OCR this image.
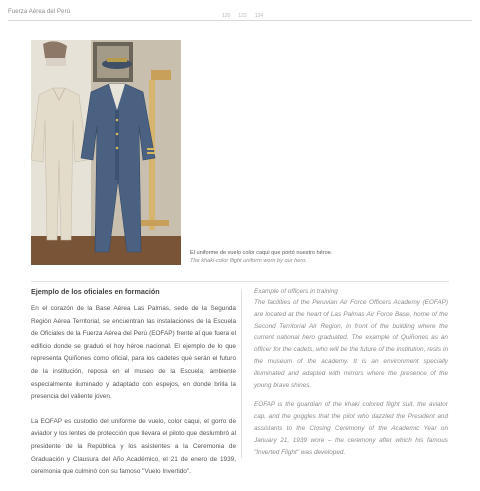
Fuerza Aérea del Perú
120 122 124
El uniforme de vuelo color caqui que portó nuestro héroe.
The khaki-color flight uniform worn by our hero.
Ejemplo de los oficiales en formación

En el corazón de la Base Aérea Las Palmas, sede de la Segunda Región Aérea Territorial, se encuentran las instalaciones de la Escuela de Oficiales de la Fuerza Aérea del Perú (EOFAP) frente al que fuera el edificio donde se graduó el hoy héroe nacional. El ejemplo de lo que representa Quiñones como oficial, para los cadetes que serán el futuro de la institución, reposa en el museo de la Escuela; ambiente especialmente iluminado y adaptado con espejos, en donde brilla la presencia del valiente joven.

La EOFAP es custodio del uniforme de vuelo, color caqui, el gorro de aviador y los lentes de protección que llevara el piloto que deslumbró al presidente de la República y los asistentes a la Ceremonia de Graduación y Clausura del Año Académico, el 21 de enero de 1939, ceremonia que culminó con su famoso "Vuelo Invertido".

Example of officers in training

The facilities of the Peruvian Air Force Officers Academy (EOFAP) are located at the heart of Las Palmas Air Force Base, home of the Second Territorial Air Region, in front of the building where the current national hero graduated. The example of Quiñones as an officer for the cadets, who will be the future of the institution, rests in the museum of the academy. It is an environment specially illuminated and adapted with mirrors where the presence of the young brave shines.

EOFAP is the guardian of the khaki colored flight suit, the aviator cap, and the goggles that the pilot who dazzled the President and assistants to the Closing Ceremony of the Academic Year on January 21, 1939 wore – the ceremony after which his famous "Inverted Flight" was developed.
